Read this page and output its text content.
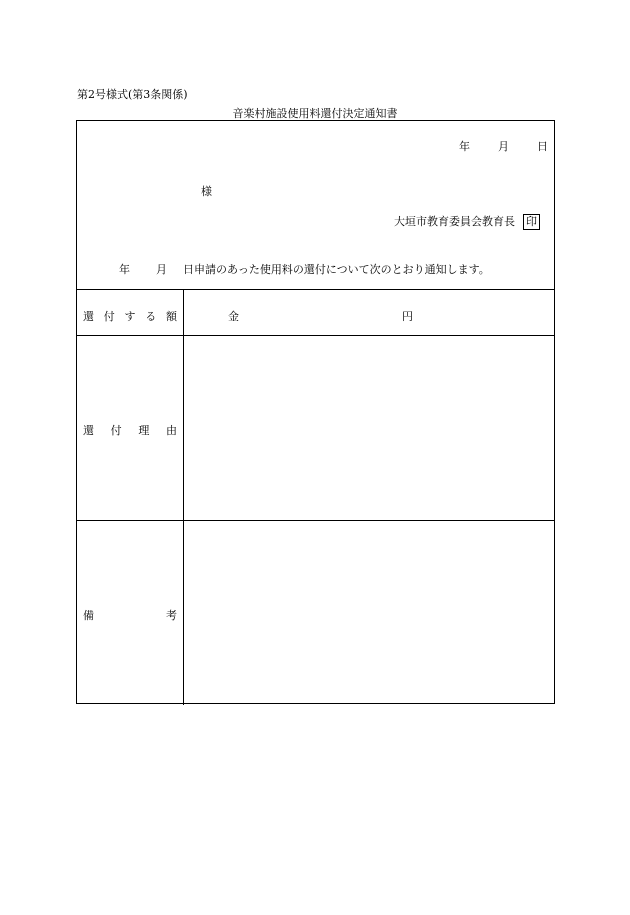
第2号様式(第3条関係)
音楽村施設使用料還付決定通知書
年	月	日
様
大垣市教育委員会教育長 印
年 月 日申請のあった使用料の還付について次のとおり通知します。
還 付 す る 額	金	円
還 付 理 由
備	考
